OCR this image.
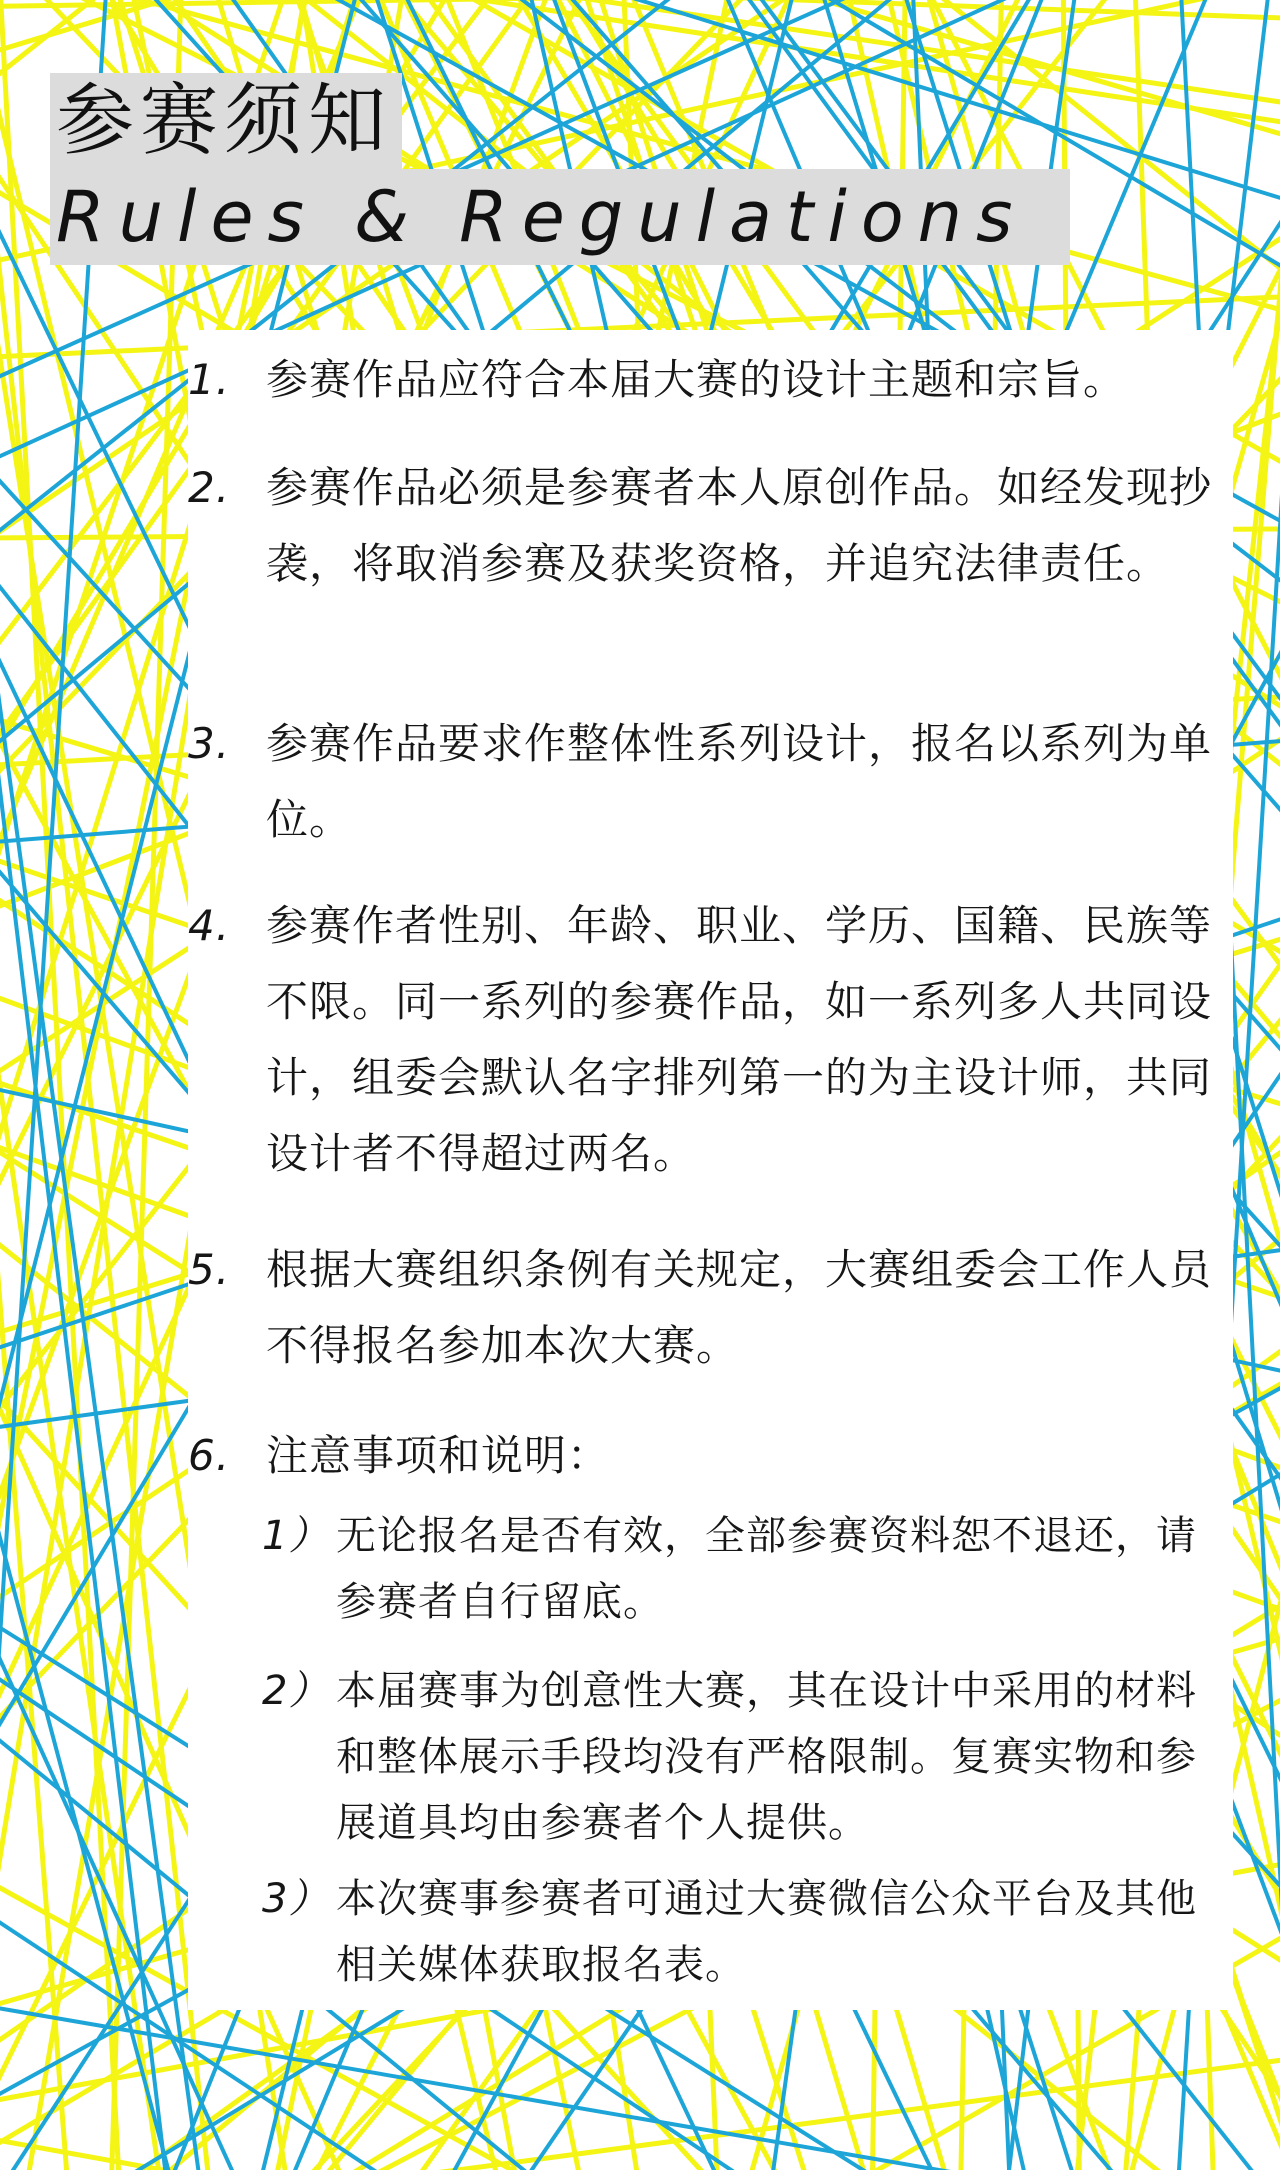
参赛须知
Rules & Regulations
1. 参赛作品应符合本届大赛的设计主题和宗旨。
2. 参赛作品必须是参赛者本人原创作品。如经发现抄袭，将取消参赛及获奖资格，并追究法律责任。
3. 参赛作品要求作整体性系列设计，报名以系列为单位。
4. 参赛作者性别、年龄、职业、学历、国籍、民族等不限。同一系列的参赛作品，如一系列多人共同设计，组委会默认名字排列第一的为主设计师，共同设计者不得超过两名。
5. 根据大赛组织条例有关规定，大赛组委会工作人员不得报名参加本次大赛。
6. 注意事项和说明：
1） 无论报名是否有效，全部参赛资料恕不退还，请参赛者自行留底。
2） 本届赛事为创意性大赛，其在设计中采用的材料和整体展示手段均没有严格限制。复赛实物和参展道具均由参赛者个人提供。
3） 本次赛事参赛者可通过大赛微信公众平台及其他相关媒体获取报名表。
